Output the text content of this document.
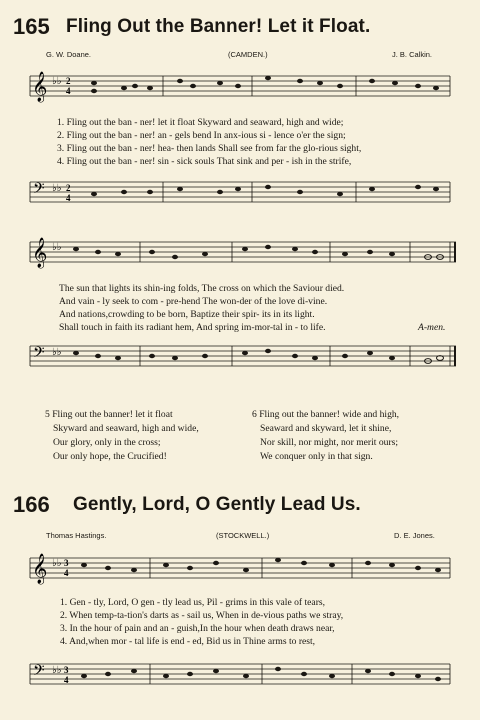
165 Fling Out the Banner! Let it Float.
G. W. Doane.	(CAMDEN.)	J. B. Calkin.
𝄞 ♭♭ 2
4
1. Fling out the ban - ner! let it float Skyward and seaward, high and wide;
2. Fling out the ban - ner! an - gels bend In anx-ious si - lence o'er the sign;
3. Fling out the ban - ner! hea- then lands Shall see from far the glo-rious sight,
4. Fling out the ban - ner! sin - sick souls That sink and per - ish in the strife,
𝄢 ♭♭ 2
4
𝄞 ♭♭
The sun that lights its shin-ing folds, The cross on which the Saviour died.
And vain - ly seek to com - pre-hend The won-der of the love di-vine.
And nations,crowding to be born, Baptize their spir- its in its light.
Shall touch in faith its radiant hem, And spring im-mor-tal in - to life.	A-men.
𝄢 ♭♭
5 Fling out the banner! let it float
Skyward and seaward, high and wide,
Our glory, only in the cross;
Our only hope, the Crucified!
6 Fling out the banner! wide and high,
Seaward and skyward, let it shine,
Nor skill, nor might, nor merit ours;
We conquer only in that sign.
166 Gently, Lord, O Gently Lead Us.
Thomas Hastings.	(STOCKWELL.)	D. E. Jones.
𝄞 ♭♭ 3
4
1. Gen - tly, Lord, O gen - tly lead us, Pil - grims in this vale of tears,
2. When temp-ta-tion's darts as - sail us, When in de-vious paths we stray,
3. In the hour of pain and an - guish,In the hour when death draws near,
4. And,when mor - tal life is end - ed, Bid us in Thine arms to rest,
𝄢 ♭♭ 3
4
